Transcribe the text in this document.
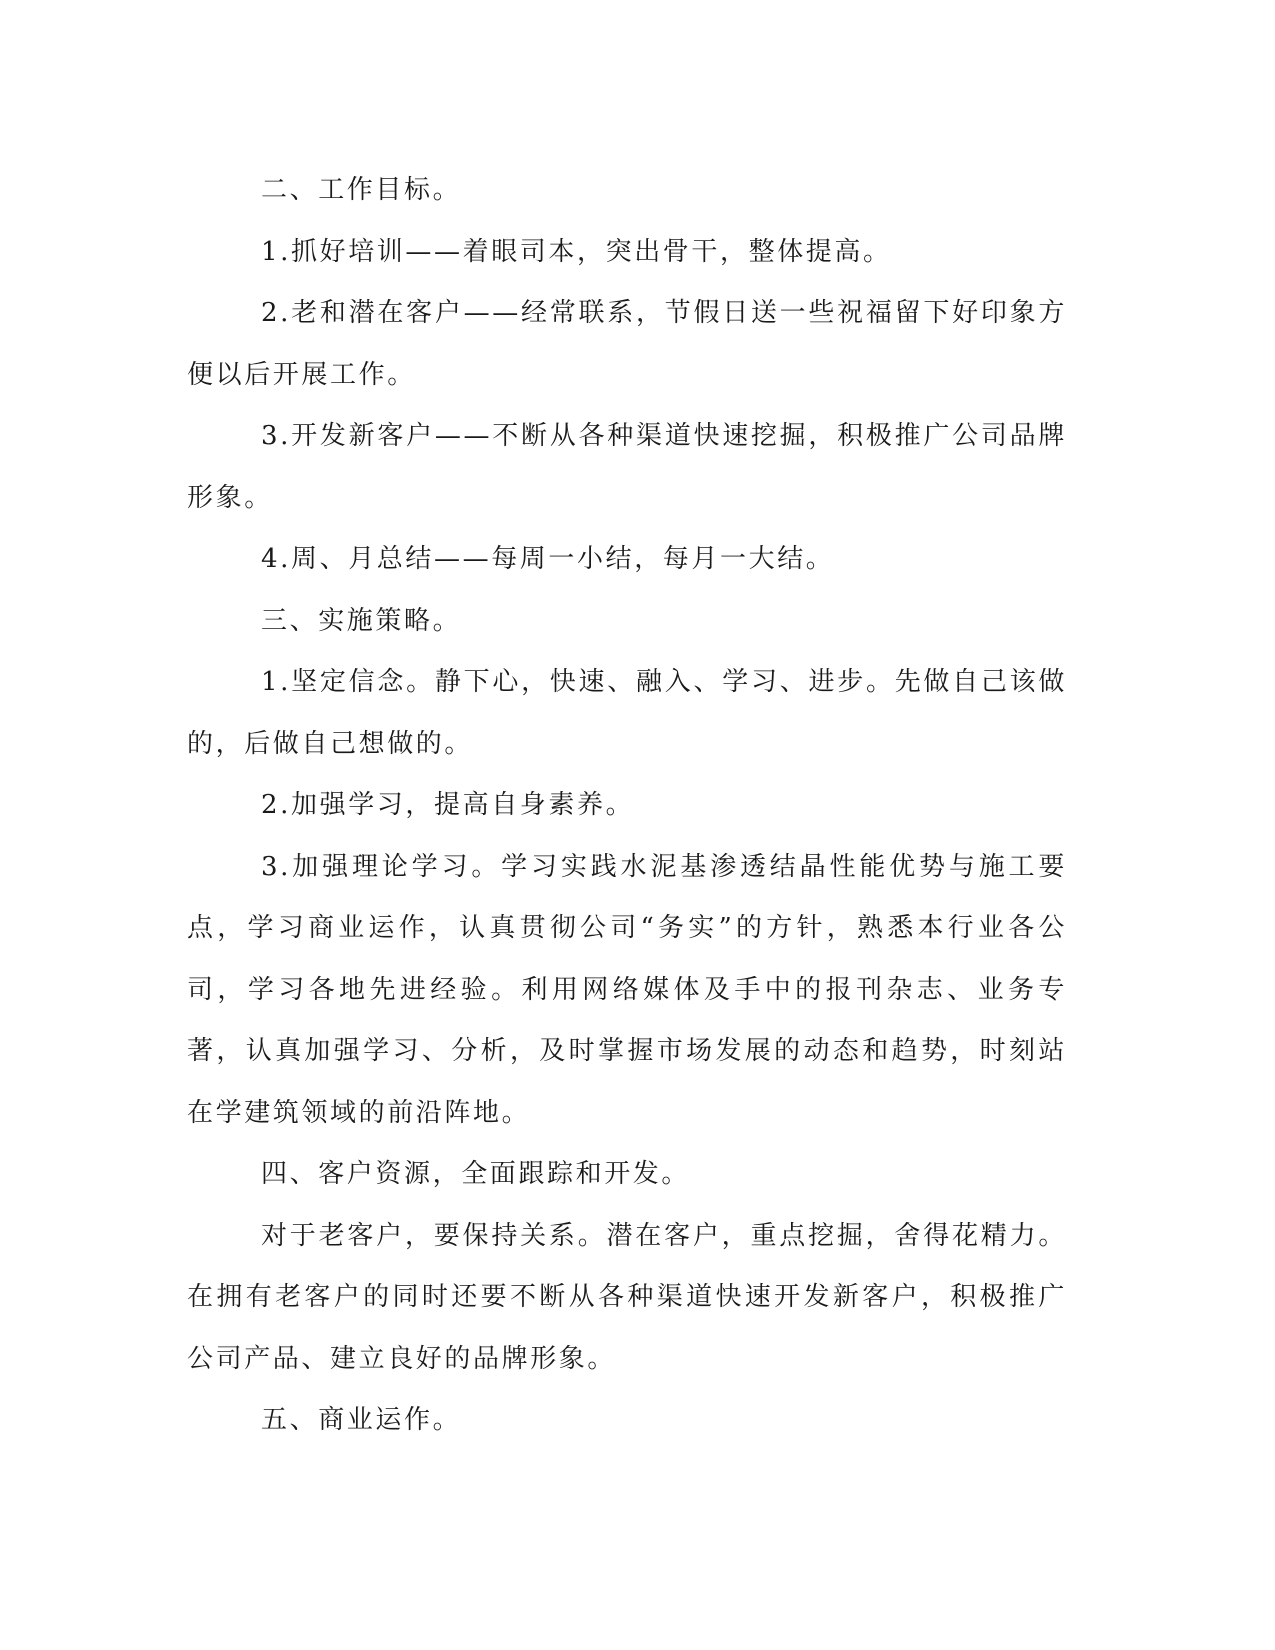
二、工作目标。

1.抓好培训——着眼司本，突出骨干，整体提高。

2.老和潜在客户——经常联系，节假日送一些祝福留下好印象方便以后开展工作。

3.开发新客户——不断从各种渠道快速挖掘，积极推广公司品牌形象。

4.周、月总结——每周一小结，每月一大结。

三、实施策略。

1.坚定信念。静下心，快速、融入、学习、进步。先做自己该做的，后做自己想做的。

2.加强学习，提高自身素养。

3.加强理论学习。学习实践水泥基渗透结晶性能优势与施工要点，学习商业运作，认真贯彻公司“务实”的方针，熟悉本行业各公司，学习各地先进经验。利用网络媒体及手中的报刊杂志、业务专著，认真加强学习、分析，及时掌握市场发展的动态和趋势，时刻站在学建筑领域的前沿阵地。

四、客户资源，全面跟踪和开发。

对于老客户，要保持关系。潜在客户，重点挖掘，舍得花精力。在拥有老客户的同时还要不断从各种渠道快速开发新客户，积极推广公司产品、建立良好的品牌形象。

五、商业运作。
